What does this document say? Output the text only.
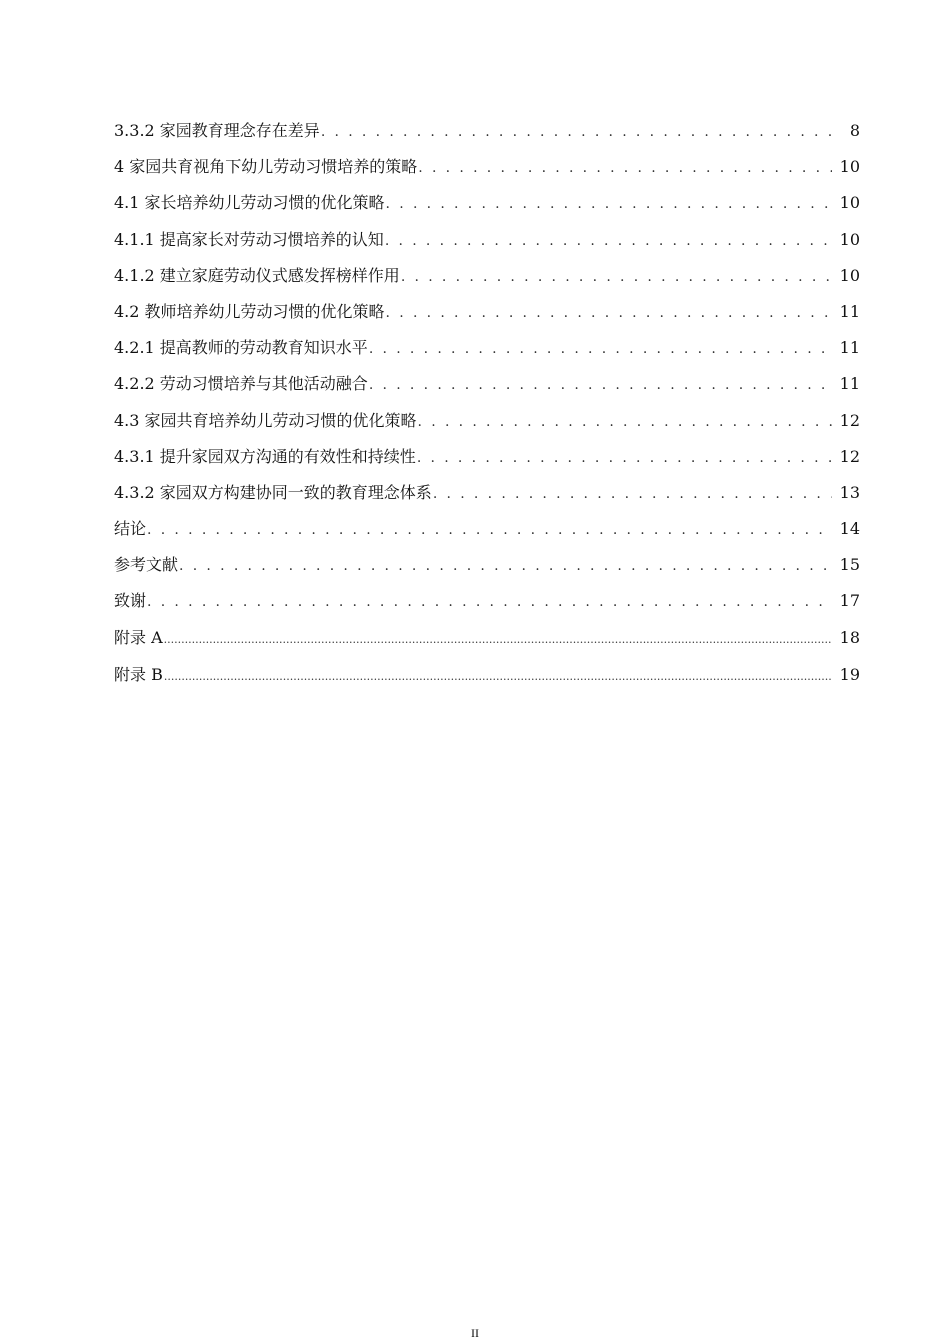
3.3.2 家园教育理念存在差异 . . .	8
4 家园共育视角下幼儿劳动习惯培养的策略 . . .	10
4.1 家长培养幼儿劳动习惯的优化策略 . . .	10
4.1.1 提高家长对劳动习惯培养的认知 . . .	10
4.1.2 建立家庭劳动仪式感发挥榜样作用 . . .	10
4.2 教师培养幼儿劳动习惯的优化策略 . . .	11
4.2.1 提高教师的劳动教育知识水平 . . .	11
4.2.2 劳动习惯培养与其他活动融合 . . .	11
4.3 家园共育培养幼儿劳动习惯的优化策略 . . .	12
4.3.1 提升家园双方沟通的有效性和持续性 . . .	12
4.3.2 家园双方构建协同一致的教育理念体系 . . .	13
结论 . . .	14
参考文献 . . .	15
致谢 . . .	17
附录 A .....	18
附录 B .....	19
II
